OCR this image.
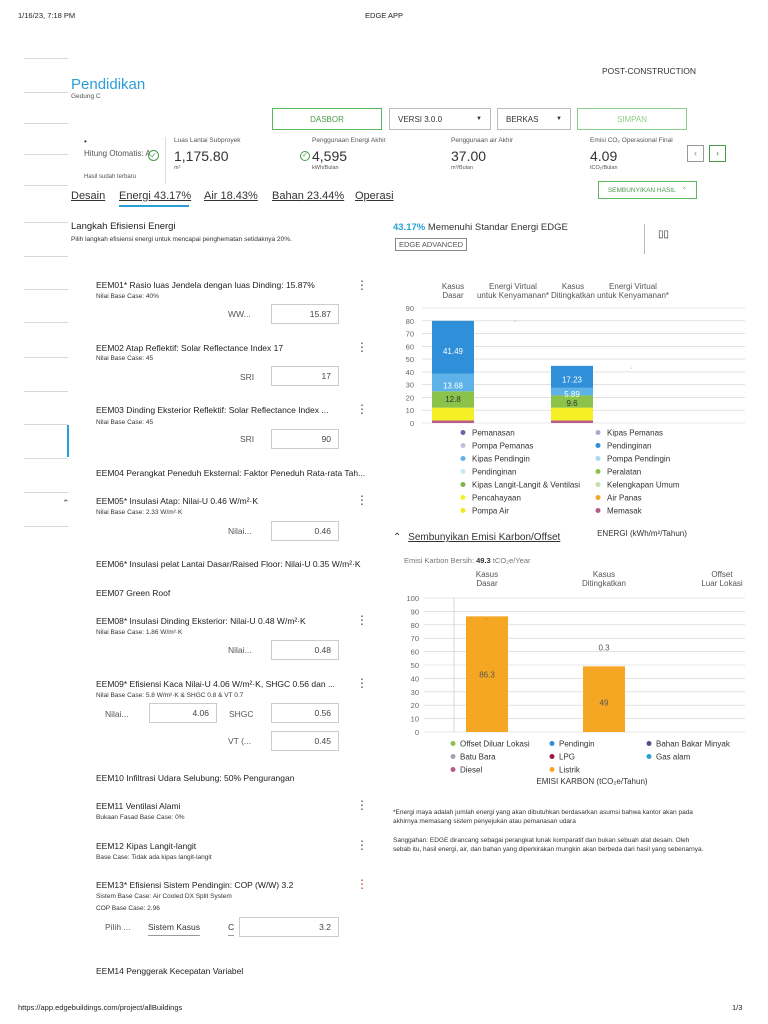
1/16/23, 7:18 PM	EDGE APP
⌃
POST-CONSTRUCTION
Pendidikan
Gedung C
DASBOR	VERSI 3.0.0	▼	BERKAS	▼	SIMPAN
•
Hitung Otomatis: A ✓
Hasil sudah terbaru
Luas Lantai Subproyek
1,175.80
m²
Penggunaan Energi Akhir
✓ 4,595
kWh/Bulan
Penggunaan air Akhir
37.00
m³/Bulan
Emisi CO₂ Operasional Final
4.09
tCO₂/Bulan
‹	›
SEMBUNYIKAN HASIL ⌃
Desain Energi 43.17% Air 18.43% Bahan 23.44% Operasi
Langkah Efisiensi Energi
Pilih langkah efisiensi energi untuk mencapai penghematan setidaknya 20%.
EEM01* Rasio luas Jendela dengan luas Dinding: 15.87%
Nilai Base Case: 40%
⋮
WW...	15.87
EEM02 Atap Reflektif: Solar Reflectance Index 17
Nilai Base Case: 45
⋮
SRI	17
EEM03 Dinding Eksterior Reflektif: Solar Reflectance Index ...
Nilai Base Case: 45
⋮
SRI	90
EEM04 Perangkat Peneduh Eksternal: Faktor Peneduh Rata-rata Tah...
EEM05* Insulasi Atap: Nilai-U 0.46 W/m²·K
Nilai Base Case: 2.33 W/m²·K
⋮
Nilai...	0.46
EEM06* Insulasi pelat Lantai Dasar/Raised Floor: Nilai-U 0.35 W/m²·K
EEM07 Green Roof
EEM08* Insulasi Dinding Eksterior: Nilai-U 0.48 W/m²·K
Nilai Base Case: 1.86 W/m²·K
⋮
Nilai...	0.48
EEM09* Efisiensi Kaca Nilai-U 4.06 W/m²·K, SHGC 0.56 dan ...
Nilai Base Case: 5.8 W/m²·K & SHGC 0.8 & VT 0.7
⋮
Nilai...	4.06	SHGC	0.56
VT (...	0.45
EEM10 Infiltrasi Udara Selubung: 50% Pengurangan
EEM11 Ventilasi Alami
Bukaan Fasad Base Case: 0%
⋮
EEM12 Kipas Langit-langit
Base Case: Tidak ada kipas langit-langit
⋮
EEM13* Efisiensi Sistem Pendingin: COP (W/W) 3.2
Sistem Base Case: Air Cooled DX Split System
COP Base Case: 2.96
⋮
Pilih ... Sistem Kasus	C	3.2
EEM14 Penggerak Kecepatan Variabel
43.17% Memenuhi Standar Energi EDGE
EDGE ADVANCED
▯▯
Kasus Dasar
Energi Virtual untuk Kenyamanan*
Kasus Ditingkatkan
Energi Virtual untuk Kenyamanan*
0
10
20
30
40
50
60
70
80
90
41.49
13.68
12.8
17.23
5.89
9.6
·
·
Pemanasan	Kipas Pemanas
Pompa Pemanas	Pendinginan
Kipas Pendingin	Pompa Pendingin
Pendinginan	Peralatan
Kipas Langit-Langit & Ventilasi	Kelengkapan Umum
Pencahayaan	Air Panas
Pompa Air	Memasak
ENERGI (kWh/m²/Tahun)
⌃ Sembunyikan Emisi Karbon/Offset
Emisi Karbon Bersih: 49.3 tCO₂e/Year
Kasus Dasar
Kasus Ditingkatkan
Offset Luar Lokasi
0
10
20
30
40
50
60
70
80
90
100
86.3
0.3
49
·
Offset Diluar Lokasi	Pendingin	Bahan Bakar Minyak
Batu Bara	LPG	Gas alam
Diesel	Listrik
EMISI KARBON (tCO₂e/Tahun)
*Energi maya adalah jumlah energi yang akan dibutuhkan berdasarkan asumsi bahwa kantor akan pada akhirnya memasang sistem penyejukan atau pemanasan udara
Sanggahan: EDGE dirancang sebagai perangkat lunak komparatif dan bukan sebuah alat desain. Oleh sebab itu, hasil energi, air, dan bahan yang diperkirakan mungkin akan berbeda dari hasil yang sebenarnya.
https://app.edgebuildings.com/project/allBuildings	1/3
